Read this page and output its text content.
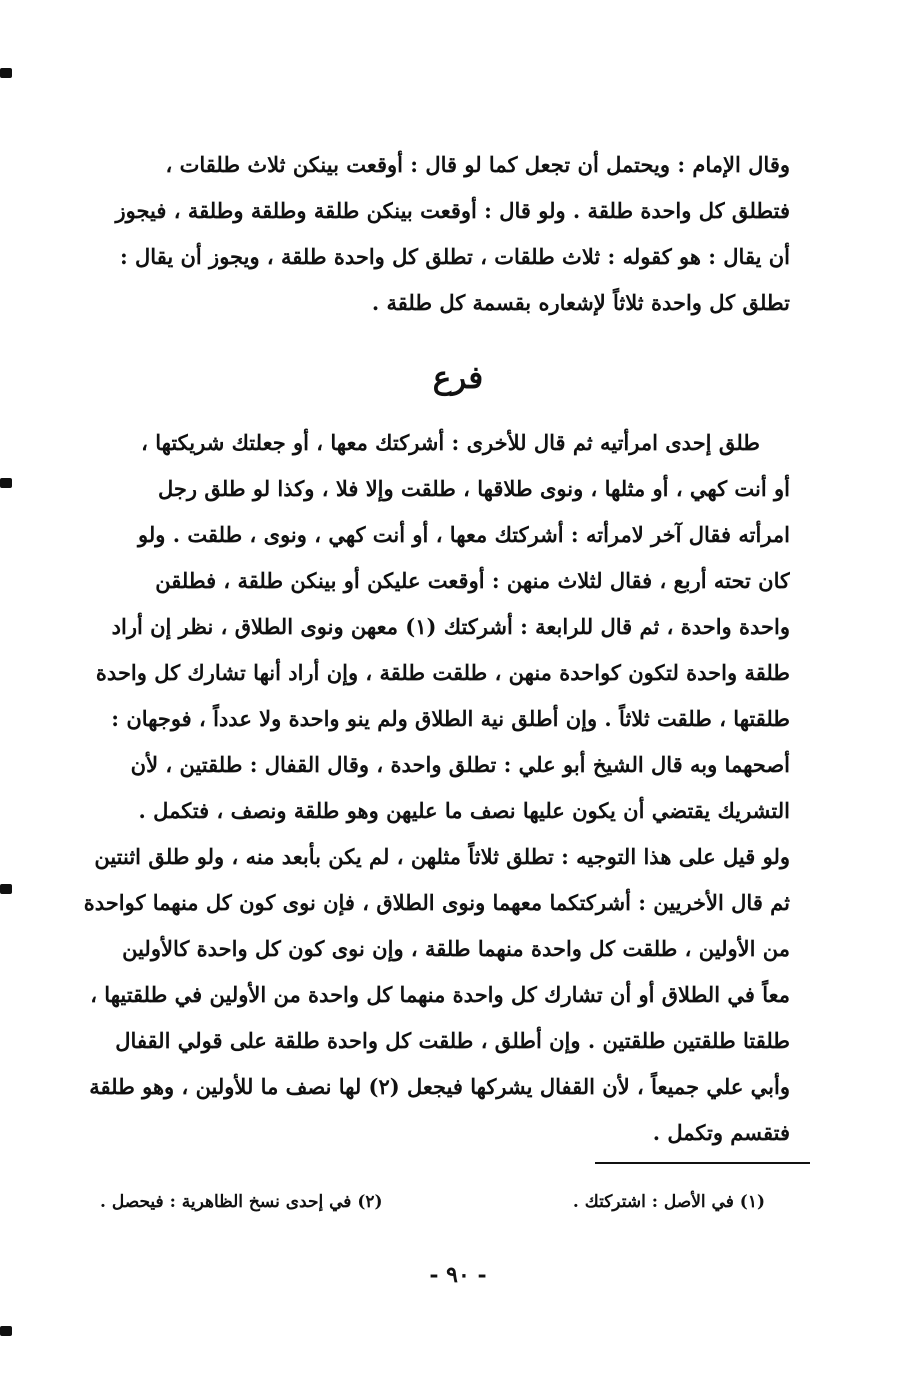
وقال الإمام : ويحتمل أن تجعل كما لو قال : أوقعت بينكن ثلاث طلقات ،
فتطلق كل واحدة طلقة . ولو قال : أوقعت بينكن طلقة وطلقة وطلقة ، فيجوز
أن يقال : هو كقوله : ثلاث طلقات ، تطلق كل واحدة طلقة ، ويجوز أن يقال :
تطلق كل واحدة ثلاثاً لإشعاره بقسمة كل طلقة .
فرع
طلق إحدى امرأتيه ثم قال للأخرى : أشركتك معها ، أو جعلتك شريكتها ،
أو أنت كهي ، أو مثلها ، ونوى طلاقها ، طلقت وإلا فلا ، وكذا لو طلق رجل
امرأته فقال آخر لامرأته : أشركتك معها ، أو أنت كهي ، ونوى ، طلقت . ولو
كان تحته أربع ، فقال لثلاث منهن : أوقعت عليكن أو بينكن طلقة ، فطلقن
واحدة واحدة ، ثم قال للرابعة : أشركتك (١) معهن ونوى الطلاق ، نظر إن أراد
طلقة واحدة لتكون كواحدة منهن ، طلقت طلقة ، وإن أراد أنها تشارك كل واحدة
طلقتها ، طلقت ثلاثاً . وإن أطلق نية الطلاق ولم ينو واحدة ولا عدداً ، فوجهان :
أصحهما وبه قال الشيخ أبو علي : تطلق واحدة ، وقال القفال : طلقتين ، لأن
التشريك يقتضي أن يكون عليها نصف ما عليهن وهو طلقة ونصف ، فتكمل .
ولو قيل على هذا التوجيه : تطلق ثلاثاً مثلهن ، لم يكن بأبعد منه ، ولو طلق اثنتين
ثم قال الأخريين : أشركتكما معهما ونوى الطلاق ، فإن نوى كون كل منهما كواحدة
من الأولين ، طلقت كل واحدة منهما طلقة ، وإن نوى كون كل واحدة كالأولين
معاً في الطلاق أو أن تشارك كل واحدة منهما كل واحدة من الأولين في طلقتيها ،
طلقتا طلقتين طلقتين . وإن أطلق ، طلقت كل واحدة طلقة على قولي القفال
وأبي علي جميعاً ، لأن القفال يشركها فيجعل (٢) لها نصف ما للأولين ، وهو طلقة
فتقسم وتكمل .
(١) في الأصل : اشتركتك .
(٢) في إحدى نسخ الظاهرية : فيحصل .
- ٩٠ -
